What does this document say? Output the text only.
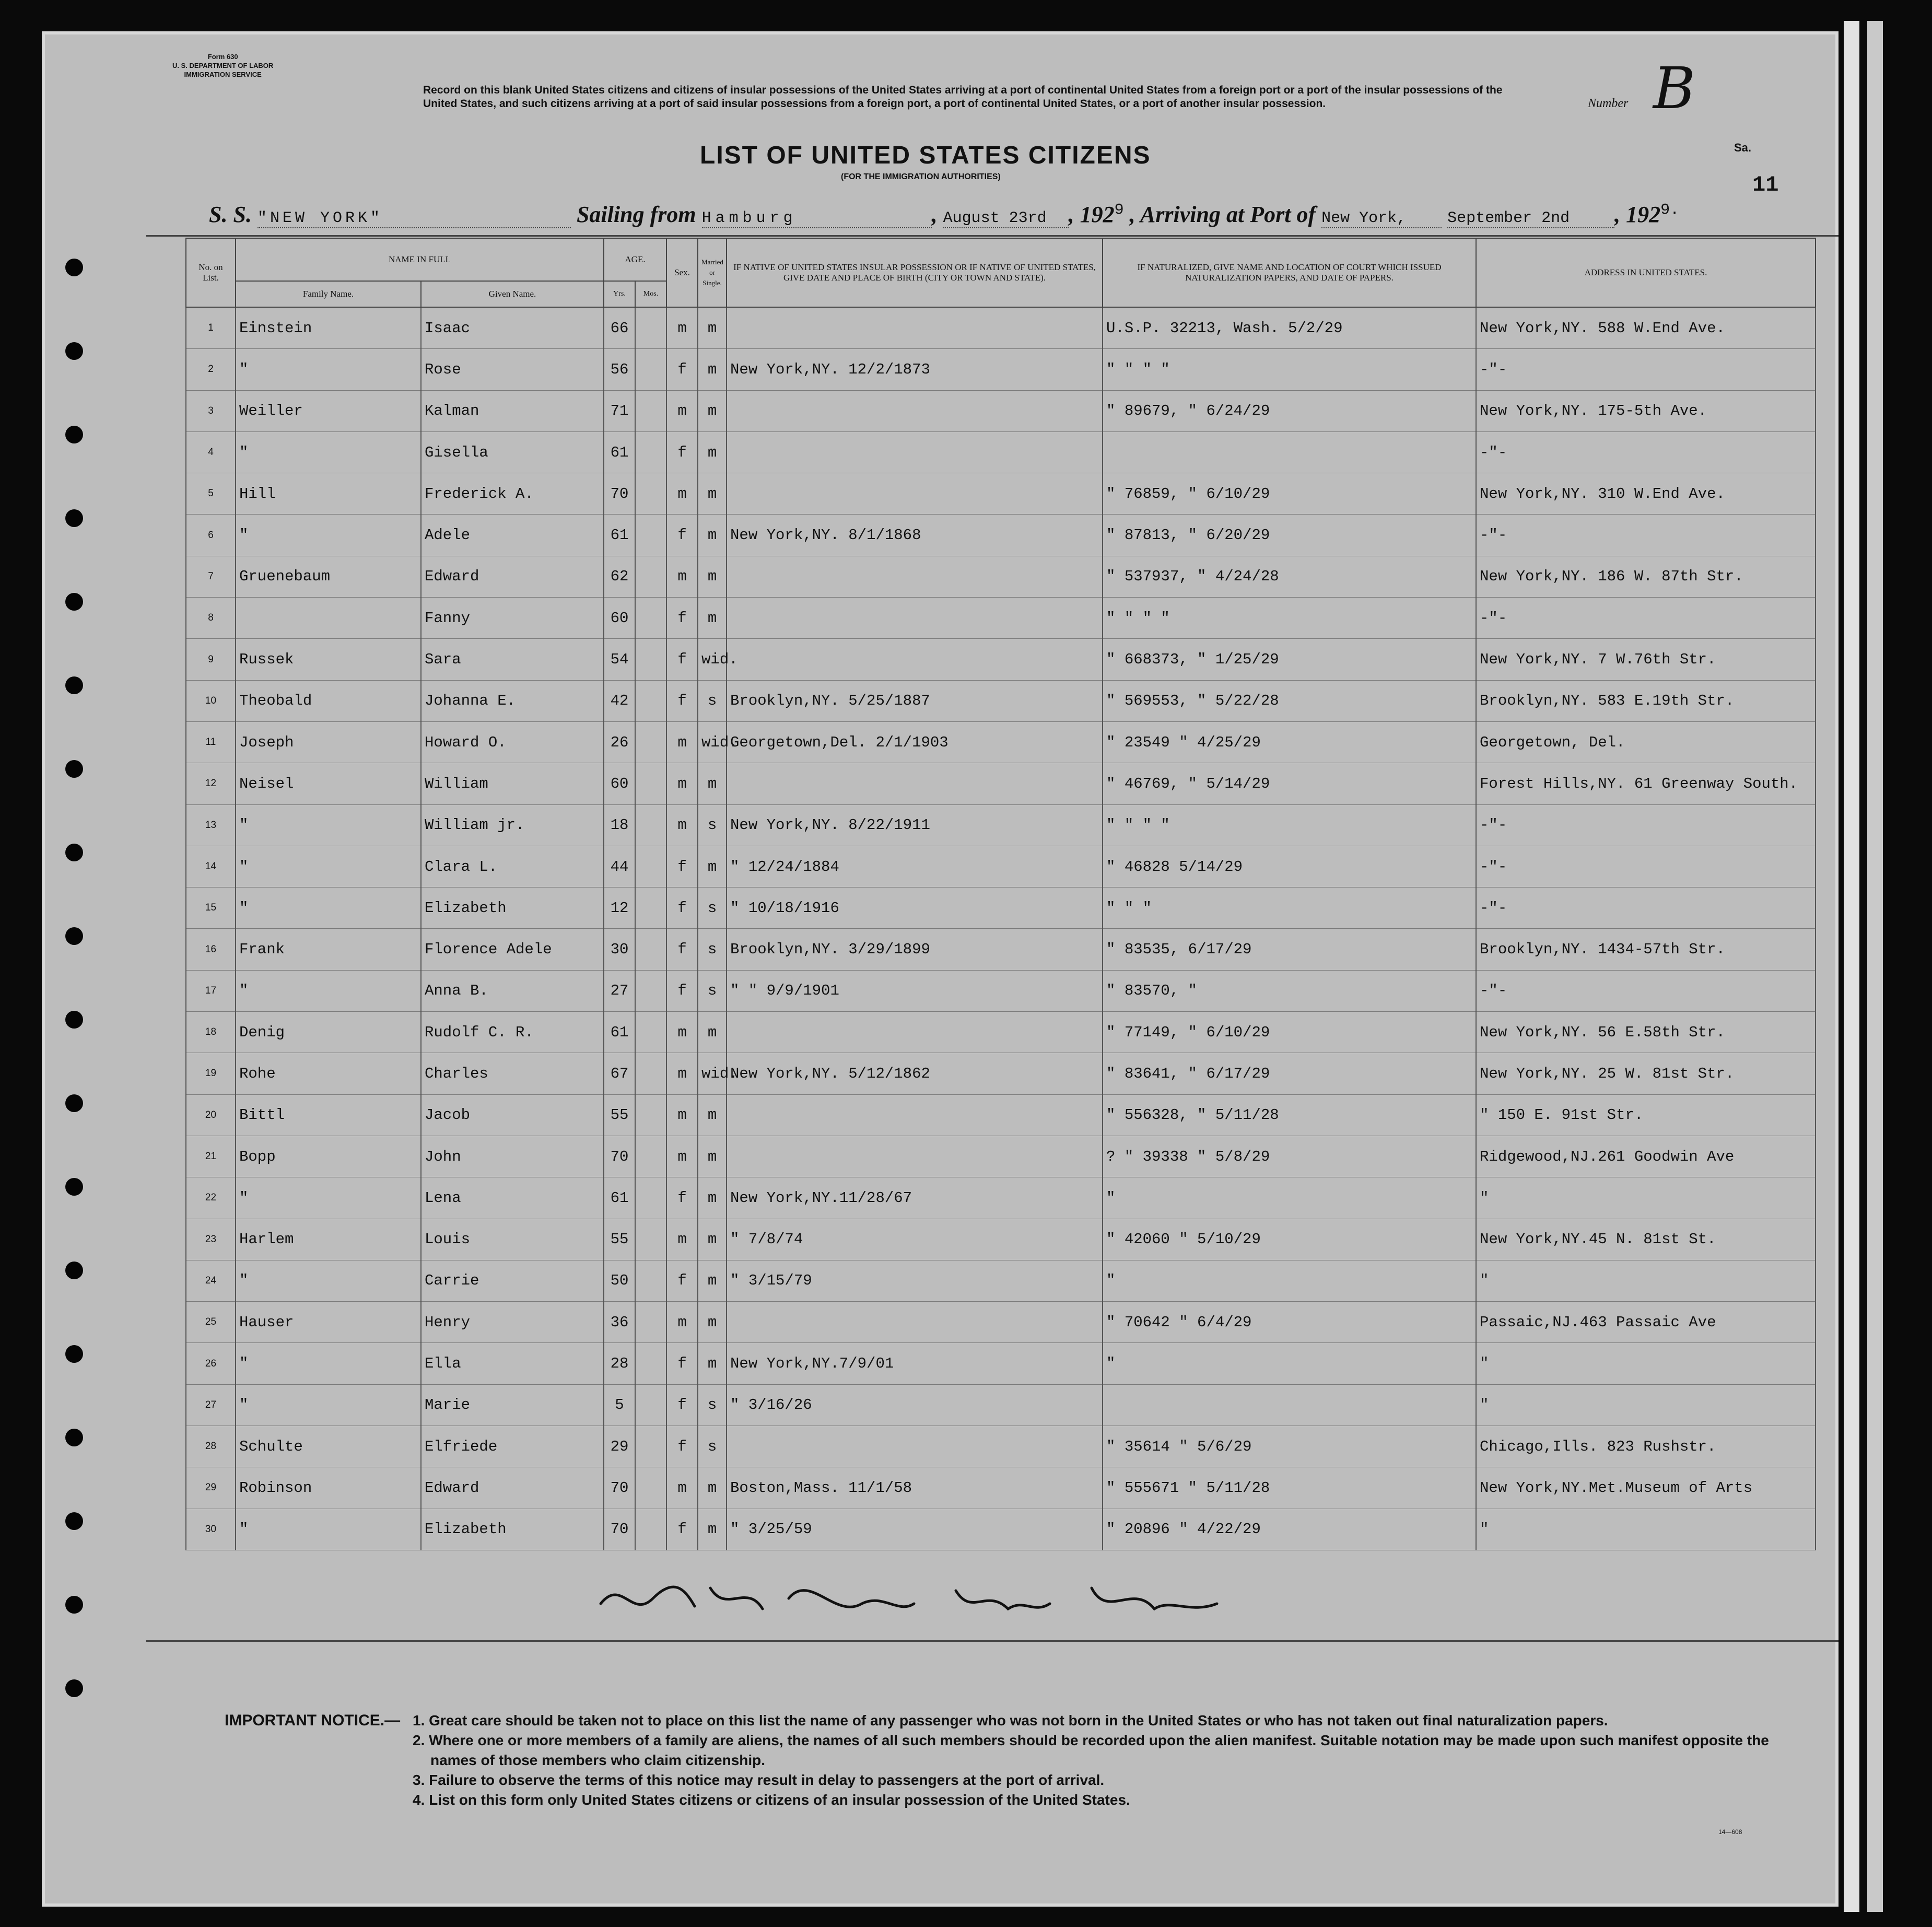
Form 630
U. S. DEPARTMENT OF LABOR
IMMIGRATION SERVICE
Record on this blank United States citizens and citizens of insular possessions of the United States arriving at a port of continental United States from a foreign port or a port of the insular possessions of the United States, and such citizens arriving at a port of said insular possessions from a foreign port, a port of continental United States, or a port of another insular possession.	Number B
LIST OF UNITED STATES CITIZENS
(FOR THE IMMIGRATION AUTHORITIES)
Sa.
11
S. S. "NEW YORK"	Sailing from Hamburg	, August 23rd , $192^9$ , Arriving at Port of New York,	September 2nd , $192^{9.}$
No. on List.	NAME IN FULL		AGE.		Sex.	Married or Single.	IF NATIVE OF UNITED STATES INSULAR POSSESSION OR IF NATIVE OF UNITED STATES, GIVE DATE AND PLACE OF BIRTH (CITY OR TOWN AND STATE).	IF NATURALIZED, GIVE NAME AND LOCATION OF COURT WHICH ISSUED NATURALIZATION PAPERS, AND DATE OF PAPERS.	ADDRESS IN UNITED STATES.
	Family Name.	Given Name.	Yrs.	Mos.					
1	Einstein	Isaac	66		m	m		U.S.P. 32213, Wash. 5/2/29	New York,NY. 588 W.End Ave.
2	"	Rose	56		f	m	New York,NY. 12/2/1873	" " " "	-"-
3	Weiller	Kalman	71		m	m		" 89679, " 6/24/29	New York,NY. 175-5th Ave.
4	"	Gisella	61		f	m			-"-
5	Hill	Frederick A.	70		m	m		" 76859, " 6/10/29	New York,NY. 310 W.End Ave.
6	"	Adele	61		f	m	New York,NY. 8/1/1868	" 87813, " 6/20/29	-"-
7	Gruenebaum	Edward	62		m	m		" 537937, " 4/24/28	New York,NY. 186 W. 87th Str.
8		Fanny	60		f	m		" " " "	-"-
9	Russek	Sara	54		f	wid.		" 668373, " 1/25/29	New York,NY. 7 W.76th Str.
10	Theobald	Johanna E.	42		f	s	Brooklyn,NY. 5/25/1887	" 569553, " 5/22/28	Brooklyn,NY. 583 E.19th Str.
11	Joseph	Howard O.	26		m	wid.	Georgetown,Del. 2/1/1903	" 23549 " 4/25/29	Georgetown, Del.
12	Neisel	William	60		m	m		" 46769, " 5/14/29	Forest Hills,NY. 61 Greenway South.
13	"	William jr.	18		m	s	New York,NY. 8/22/1911	" " " "	-"-
14	"	Clara L.	44		f	m	" 12/24/1884	" 46828 5/14/29	-"-
15	"	Elizabeth	12		f	s	" 10/18/1916	" " "	-"-
16	Frank	Florence Adele	30		f	s	Brooklyn,NY. 3/29/1899	" 83535, 6/17/29	Brooklyn,NY. 1434-57th Str.
17	"	Anna B.	27		f	s	" " 9/9/1901	" 83570, "	-"-
18	Denig	Rudolf C. R.	61		m	m		" 77149, " 6/10/29	New York,NY. 56 E.58th Str.
19	Rohe	Charles	67		m	wid.	New York,NY. 5/12/1862	" 83641, " 6/17/29	New York,NY. 25 W. 81st Str.
20	Bittl	Jacob	55		m	m		" 556328, " 5/11/28	" 150 E. 91st Str.
21	Bopp	John	70		m	m		? " 39338 " 5/8/29	Ridgewood,NJ.261 Goodwin Ave
22	"	Lena	61		f	m	New York,NY.11/28/67	"	"
23	Harlem	Louis	55		m	m	" 7/8/74	" 42060 " 5/10/29	New York,NY.45 N. 81st St.
24	"	Carrie	50		f	m	" 3/15/79	"	"
25	Hauser	Henry	36		m	m		" 70642 " 6/4/29	Passaic,NJ.463 Passaic Ave
26	"	Ella	28		f	m	New York,NY.7/9/01	"	"
27	"	Marie	5		f	s	" 3/16/26		"
28	Schulte	Elfriede	29		f	s		" 35614 " 5/6/29	Chicago,Ills. 823 Rushstr.
29	Robinson	Edward	70		m	m	Boston,Mass. 11/1/58	" 555671 " 5/11/28	New York,NY.Met.Museum of Arts
30	"	Elizabeth	70		f	m	" 3/25/59	" 20896 " 4/22/29	"
IMPORTANT NOTICE.— 1. Great care should be taken not to place on this list the name of any passenger who was not born in the United States or who has not taken out final naturalization papers.
2. Where one or more members of a family are aliens, the names of all such members should be recorded upon the alien manifest. Suitable notation may be made upon such manifest opposite the names of those members who claim citizenship.
3. Failure to observe the terms of this notice may result in delay to passengers at the port of arrival.
4. List on this form only United States citizens or citizens of an insular possession of the United States.
14—608
